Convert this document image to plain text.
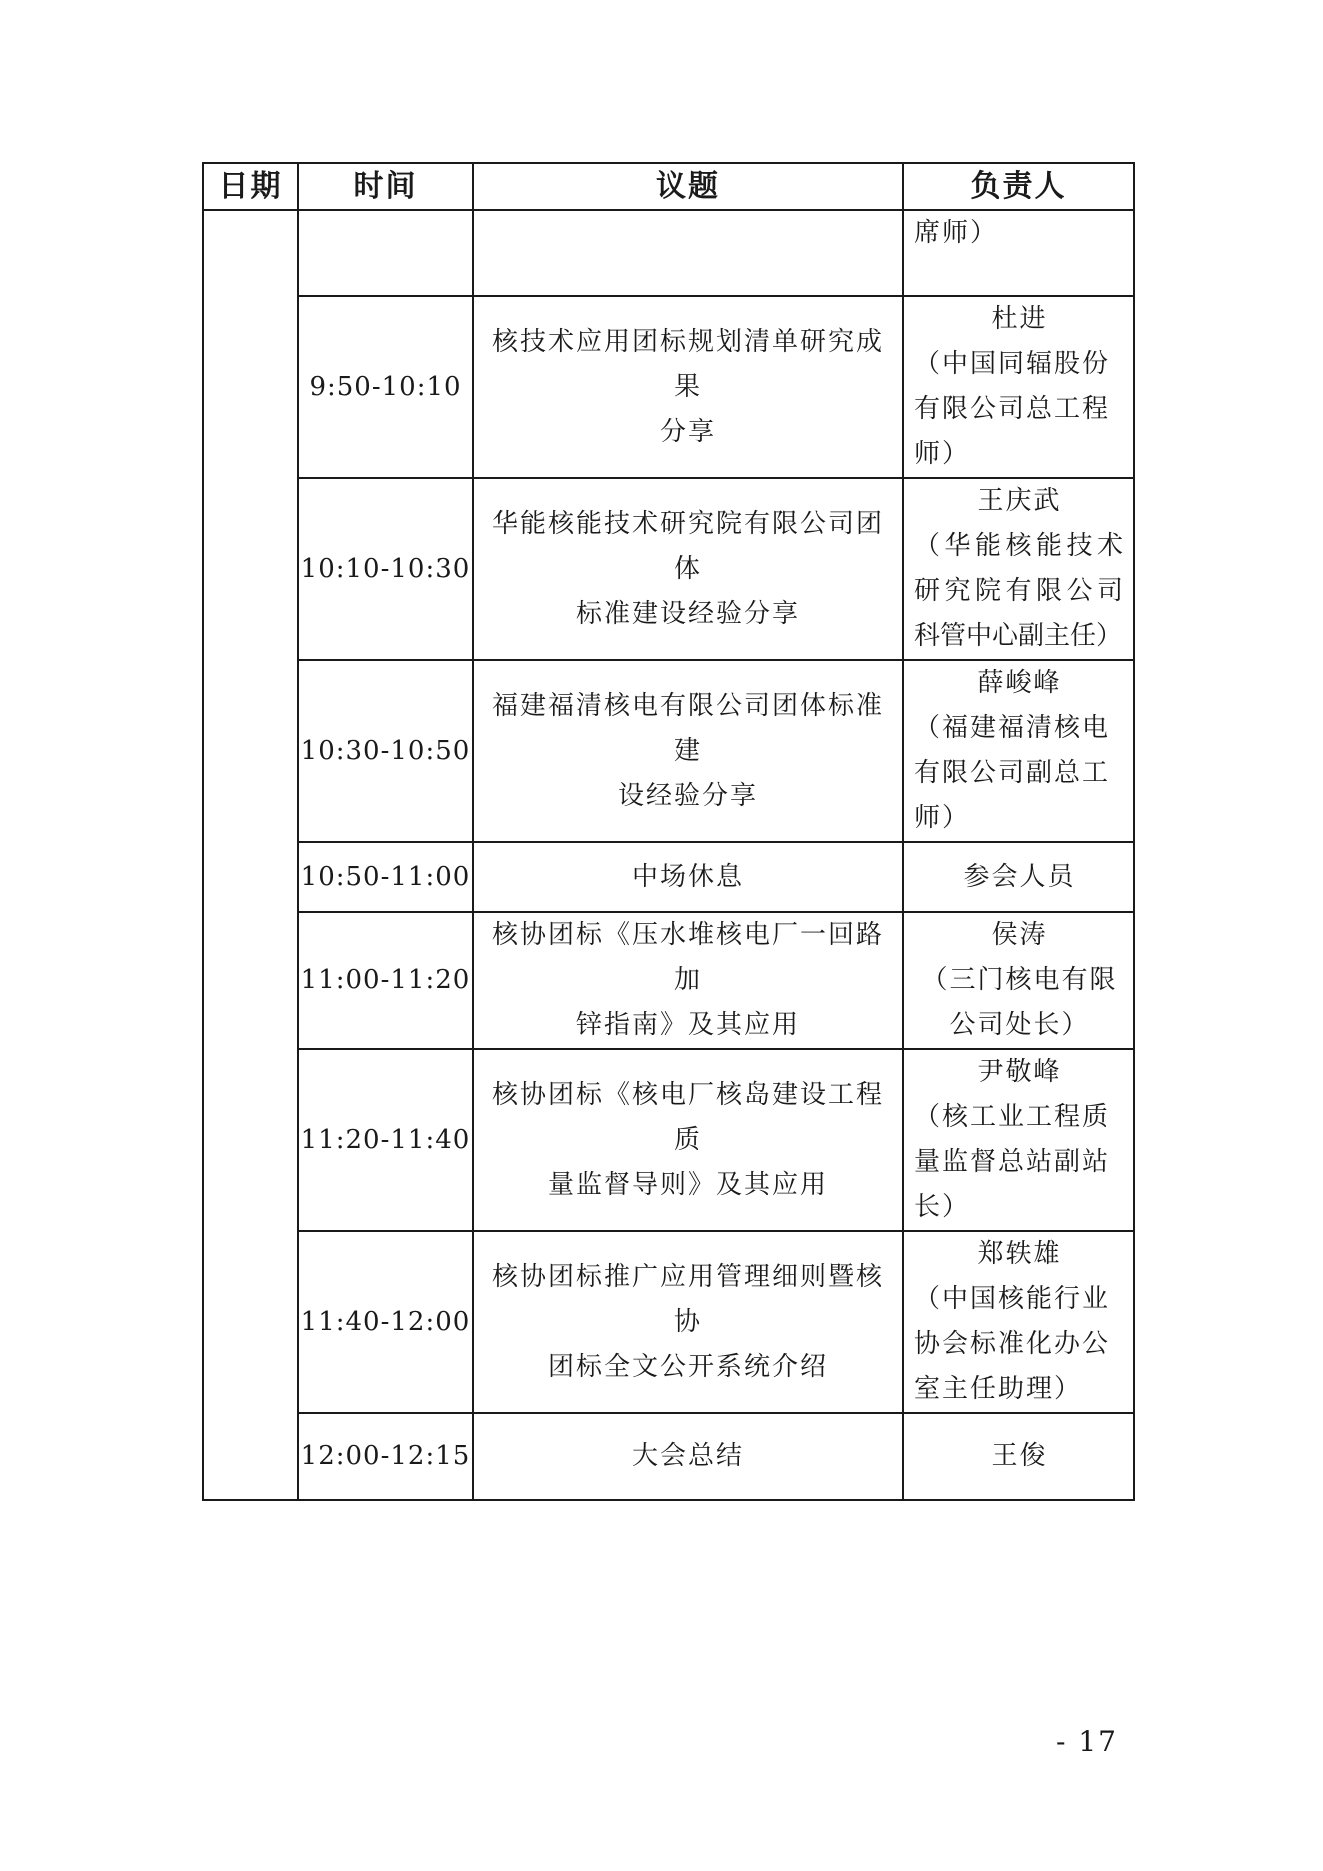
日期	时间	议题	负责人

			席师）

	9:50-10:10	核技术应用团标规划清单研究成果
分享	杜进
（中国同辐股份
有限公司总工程
师）

	10:10-10:30	华能核能技术研究院有限公司团体
标准建设经验分享	王庆武
（华能核能技术
研究院有限公司
科管中心副主任）

	10:30-10:50	福建福清核电有限公司团体标准建
设经验分享	薛峻峰
（福建福清核电
有限公司副总工
师）

	10:50-11:00	中场休息	参会人员
	11:00-11:20	核协团标《压水堆核电厂一回路加
锌指南》及其应用	侯涛
（三门核电有限
公司处长）

	11:20-11:40	核协团标《核电厂核岛建设工程质
量监督导则》及其应用	尹敬峰
（核工业工程质
量监督总站副站
长）

	11:40-12:00	核协团标推广应用管理细则暨核协
团标全文公开系统介绍	郑轶雄
（中国核能行业
协会标准化办公
室主任助理）

	12:00-12:15	大会总结	王俊
- 17
